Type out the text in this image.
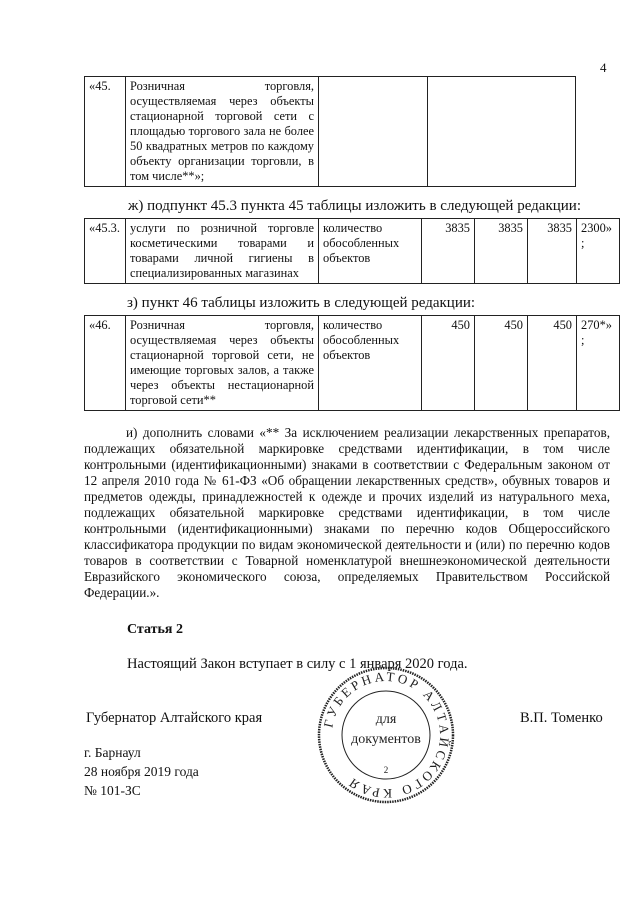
4
«45.	Розничная торговля, осуществляемая через объекты стационарной торговой сети с площадью торгового зала не более 50 квадратных метров по каждому объекту организации торговли, в том числе**»;		
ж) подпункт 45.3 пункта 45 таблицы изложить в следующей редакции:
«45.3.	услуги по розничной торговле косметическими товарами и товарами личной гигиены в специализированных магазинах	количество обособленных объектов	3835	3835	3835	2300»;
з) пункт 46 таблицы изложить в следующей редакции:
«46.	Розничная торговля, осуществляемая через объекты стационарной торговой сети, не имеющие торговых залов, а также через объекты нестационарной торговой сети**	количество обособленных объектов	450	450	450	270*»;
и) дополнить словами «** За исключением реализации лекарственных препаратов, подлежащих обязательной маркировке средствами идентификации, в том числе контрольными (идентификационными) знаками в соответствии с Федеральным законом от 12 апреля 2010 года № 61-ФЗ «Об обращении лекарственных средств», обувных товаров и предметов одежды, принадлежностей к одежде и прочих изделий из натурального меха, подлежащих обязательной маркировке средствами идентификации, в том числе контрольными (идентификационными) знаками по перечню кодов Общероссийского классификатора продукции по видам экономической деятельности и (или) по перечню кодов товаров в соответствии с Товарной номенклатурой внешнеэкономической деятельности Евразийского экономического союза, определяемых Правительством Российской Федерации.».
Статья 2
Настоящий Закон вступает в силу с 1 января 2020 года.
Губернатор Алтайского края	В.П. Томенко
г. Барнаул
28 ноября 2019 года
№ 101-ЗС
ГУБЕРНАТОР АЛТАЙСКОГО КРАЯ
для
документов
2
